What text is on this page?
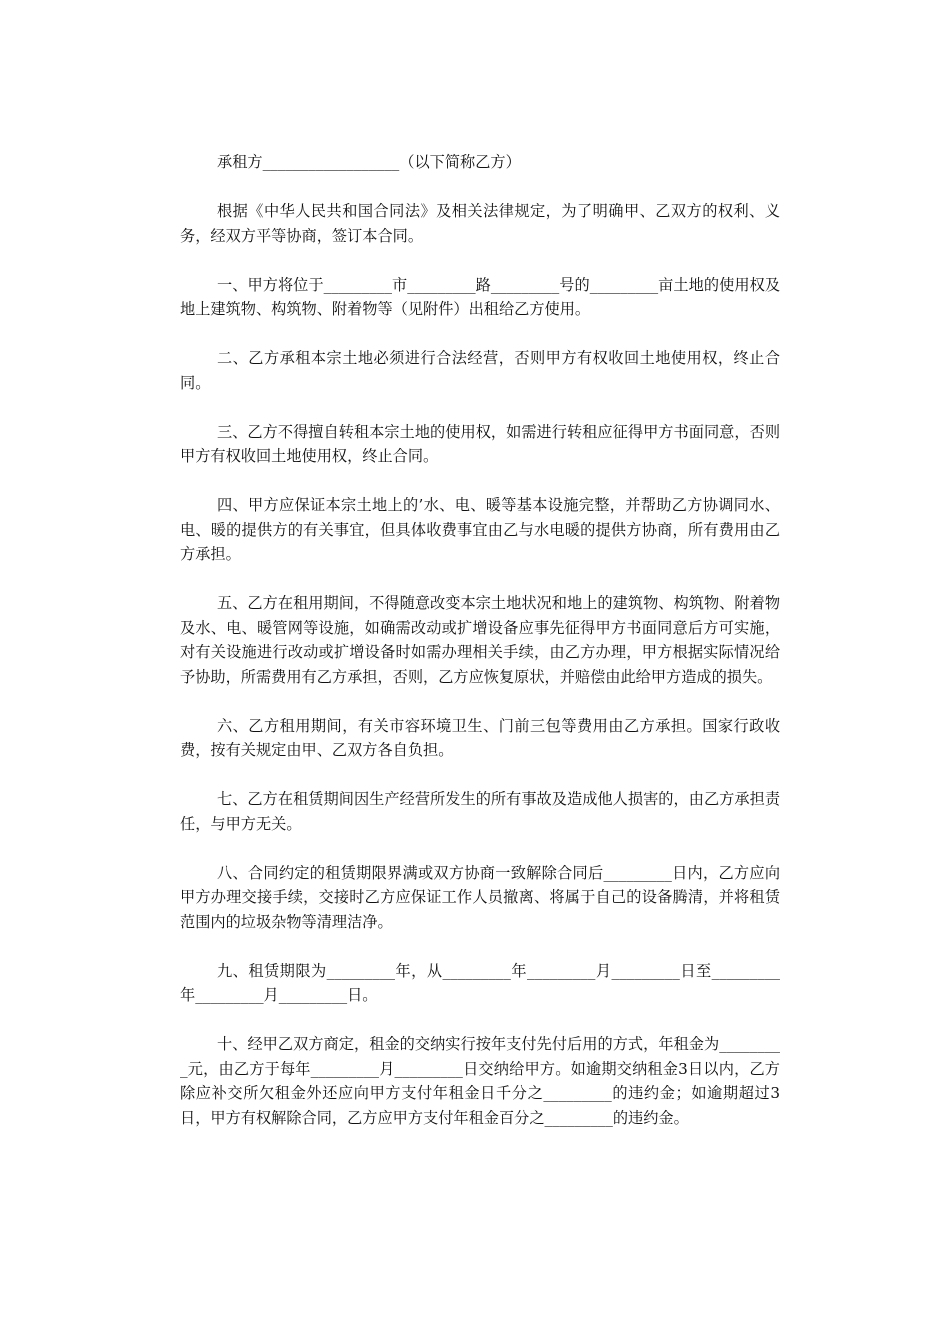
承租方__________________（以下简称乙方）

根据《中华人民共和国合同法》及相关法律规定，为了明确甲、乙双方的权利、义务，经双方平等协商，签订本合同。

一、甲方将位于_________市_________路_________号的_________亩土地的使用权及地上建筑物、构筑物、附着物等（见附件）出租给乙方使用。

二、乙方承租本宗土地必须进行合法经营，否则甲方有权收回土地使用权，终止合同。

三、乙方不得擅自转租本宗土地的使用权，如需进行转租应征得甲方书面同意，否则甲方有权收回土地使用权，终止合同。

四、甲方应保证本宗土地上的’水、电、暖等基本设施完整，并帮助乙方协调同水、电、暖的提供方的有关事宜，但具体收费事宜由乙与水电暖的提供方协商，所有费用由乙方承担。

五、乙方在租用期间，不得随意改变本宗土地状况和地上的建筑物、构筑物、附着物及水、电、暖管网等设施，如确需改动或扩增设备应事先征得甲方书面同意后方可实施，对有关设施进行改动或扩增设备时如需办理相关手续，由乙方办理，甲方根据实际情况给予协助，所需费用有乙方承担，否则，乙方应恢复原状，并赔偿由此给甲方造成的损失。

六、乙方租用期间，有关市容环境卫生、门前三包等费用由乙方承担。国家行政收费，按有关规定由甲、乙双方各自负担。

七、乙方在租赁期间因生产经营所发生的所有事故及造成他人损害的，由乙方承担责任，与甲方无关。

八、合同约定的租赁期限界满或双方协商一致解除合同后_________日内，乙方应向甲方办理交接手续，交接时乙方应保证工作人员撤离、将属于自己的设备腾清，并将租赁范围内的垃圾杂物等清理洁净。

九、租赁期限为_________年，从_________年_________月_________日至_________年_________月_________日。

十、经甲乙双方商定，租金的交纳实行按年支付先付后用的方式，年租金为_________元，由乙方于每年_________月_________日交纳给甲方。如逾期交纳租金3日以内，乙方除应补交所欠租金外还应向甲方支付年租金日千分之_________的违约金；如逾期超过3日，甲方有权解除合同，乙方应甲方支付年租金百分之_________的违约金。
